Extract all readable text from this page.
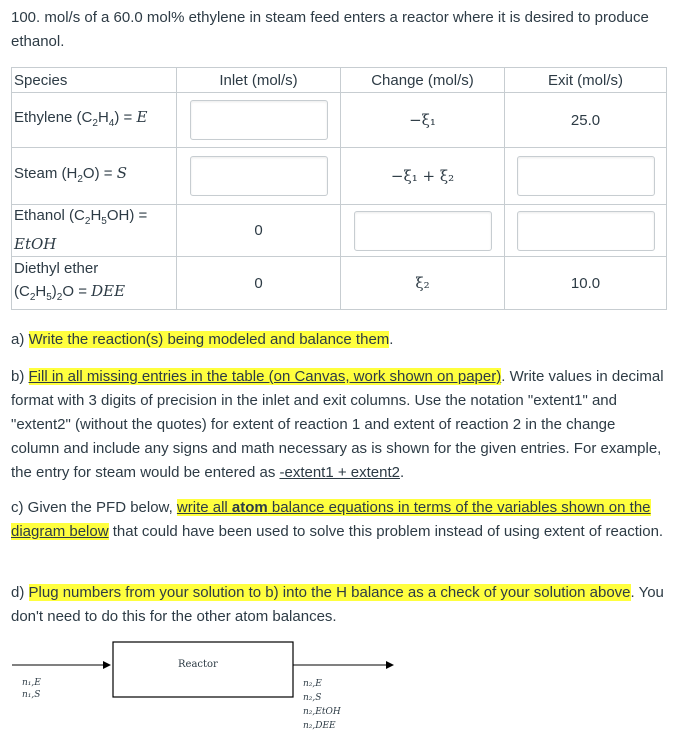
100. mol/s of a 60.0 mol% ethylene in steam feed enters a reactor where it is desired to produce ethanol.
Species	Inlet (mol/s)	Change (mol/s)	Exit (mol/s)
Ethylene $(C_2H_4) = E$		−ξ₁	25.0
Steam $(H_2O) = S$		−ξ₁ + ξ₂	
Ethanol $(C_2H_5OH)$ =
EtOH	0		
Diethyl ether
$(C_2H_5)_2O$ = DEE	0	ξ₂	10.0
a) Write the reaction(s) being modeled and balance them.
b) Fill in all missing entries in the table (on Canvas, work shown on paper). Write values in decimal format with 3 digits of precision in the inlet and exit columns. Use the notation "extent1" and "extent2" (without the quotes) for extent of reaction 1 and extent of reaction 2 in the change column and include any signs and math necessary as is shown for the given entries. For example, the entry for steam would be entered as -extent1 + extent2.
c) Given the PFD below, write all atom balance equations in terms of the variables shown on the diagram below that could have been used to solve this problem instead of using extent of reaction.
d) Plug numbers from your solution to b) into the H balance as a check of your solution above. You don't need to do this for the other atom balances.
Reactor
n₁,E
n₁,S
n₂,E
n₂,S
n₂,EtOH
n₂,DEE
